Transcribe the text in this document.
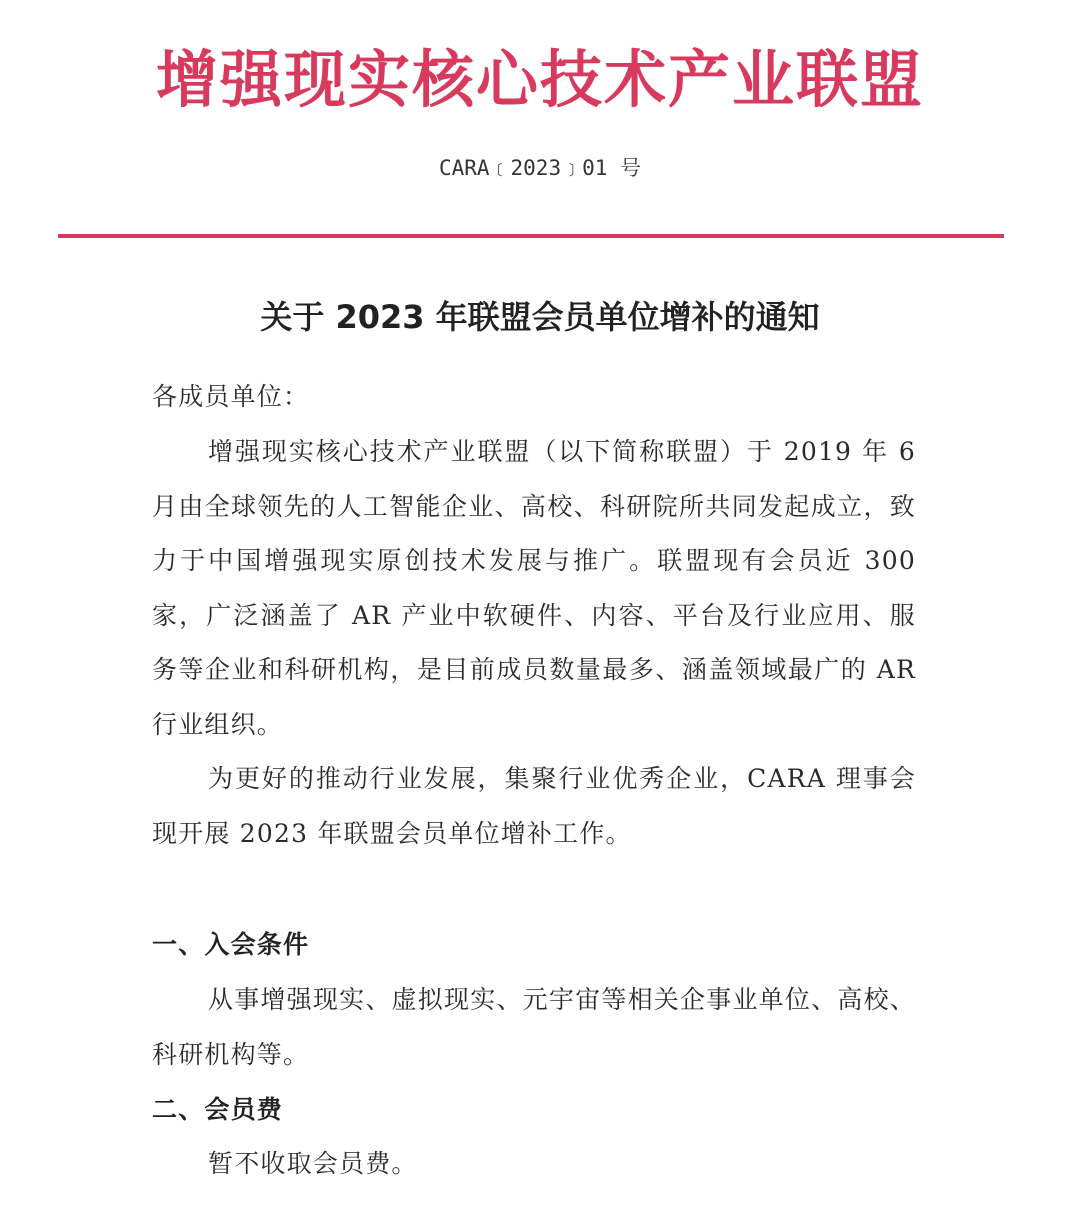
增强现实核心技术产业联盟
CARA﹝2023﹞01 号
关于 2023 年联盟会员单位增补的通知

各成员单位：

增强现实核心技术产业联盟（以下简称联盟）于 2019 年 6 月由全球领先的人工智能企业、高校、科研院所共同发起成立，致力于中国增强现实原创技术发展与推广。联盟现有会员近 300 家，广泛涵盖了 AR 产业中软硬件、内容、平台及行业应用、服务等企业和科研机构，是目前成员数量最多、涵盖领域最广的 AR 行业组织。

为更好的推动行业发展，集聚行业优秀企业，CARA 理事会现开展 2023 年联盟会员单位增补工作。

一、入会条件

从事增强现实、虚拟现实、元宇宙等相关企事业单位、高校、科研机构等。

二、会员费

暂不收取会员费。
